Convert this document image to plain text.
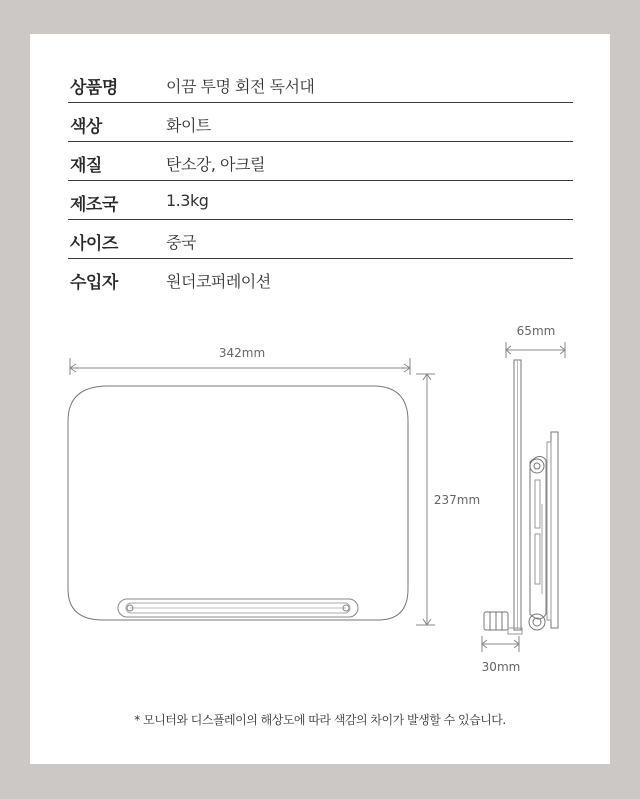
상품명	이끔 투명 회전 독서대
색상	화이트
재질	탄소강, 아크릴
제조국	1.3kg
사이즈	중국
수입자	원더코퍼레이션
342mm
237mm
65mm
30mm
* 모니터와 디스플레이의 해상도에 따라 색감의 차이가 발생할 수 있습니다.
